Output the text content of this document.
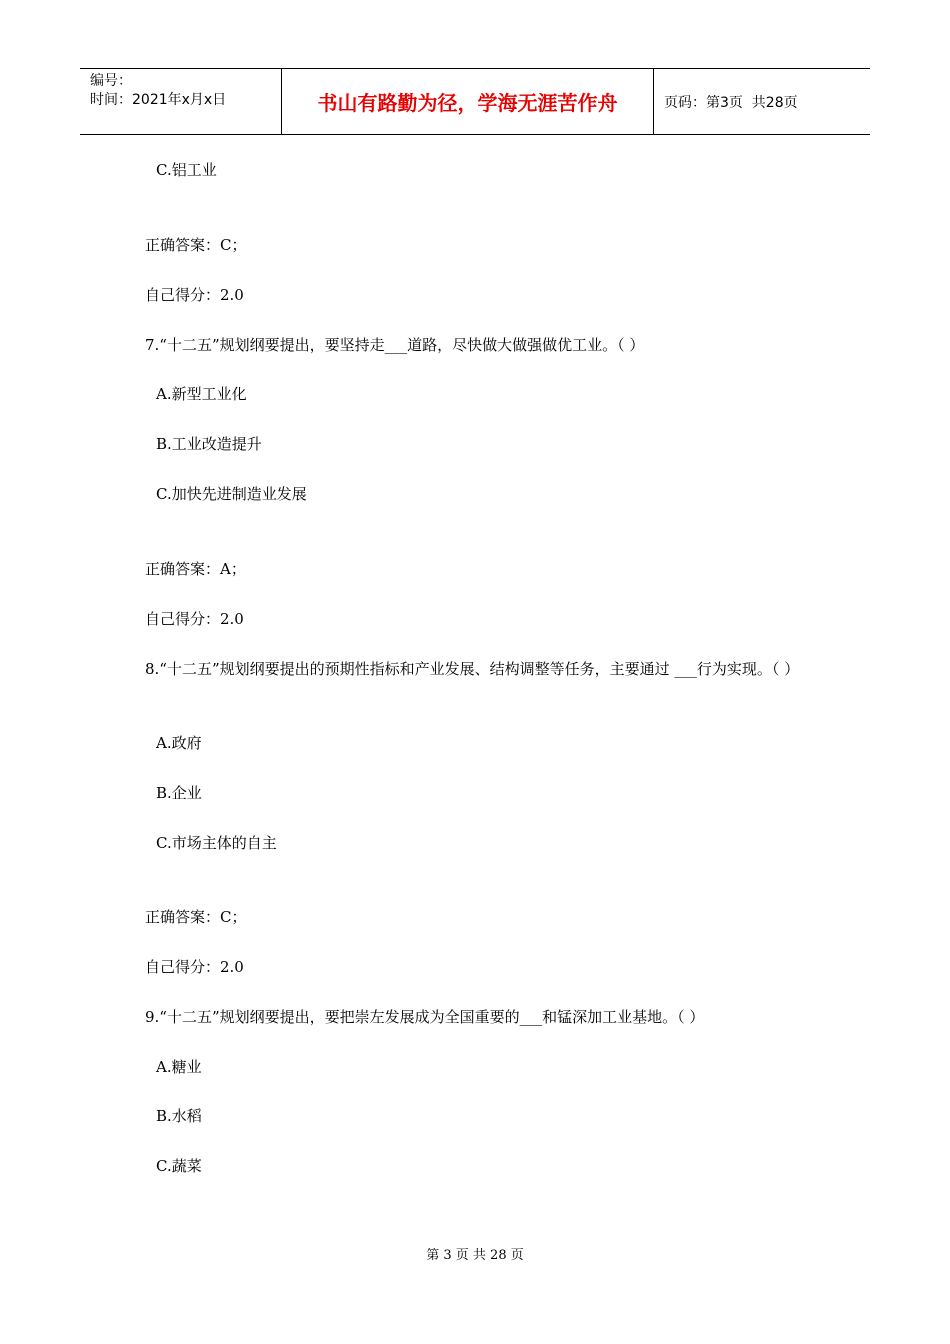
编号：
时间：2021年x月x日	书山有路勤为径，学海无涯苦作舟	页码：第3页  共28页
C.铝工业
正确答案：C；
自己得分：2.0
7.“十二五”规划纲要提出，要坚持走___道路，尽快做大做强做优工业。（ ）
A.新型工业化
B.工业改造提升
C.加快先进制造业发展
正确答案：A；
自己得分：2.0
8.“十二五”规划纲要提出的预期性指标和产业发展、结构调整等任务，主要通过 ___行为实现。（ ）
A.政府
B.企业
C.市场主体的自主
正确答案：C；
自己得分：2.0
9.“十二五”规划纲要提出，要把崇左发展成为全国重要的___和锰深加工业基地。（ ）
A.糖业
B.水稻
C.蔬菜
第 3 页 共 28 页
